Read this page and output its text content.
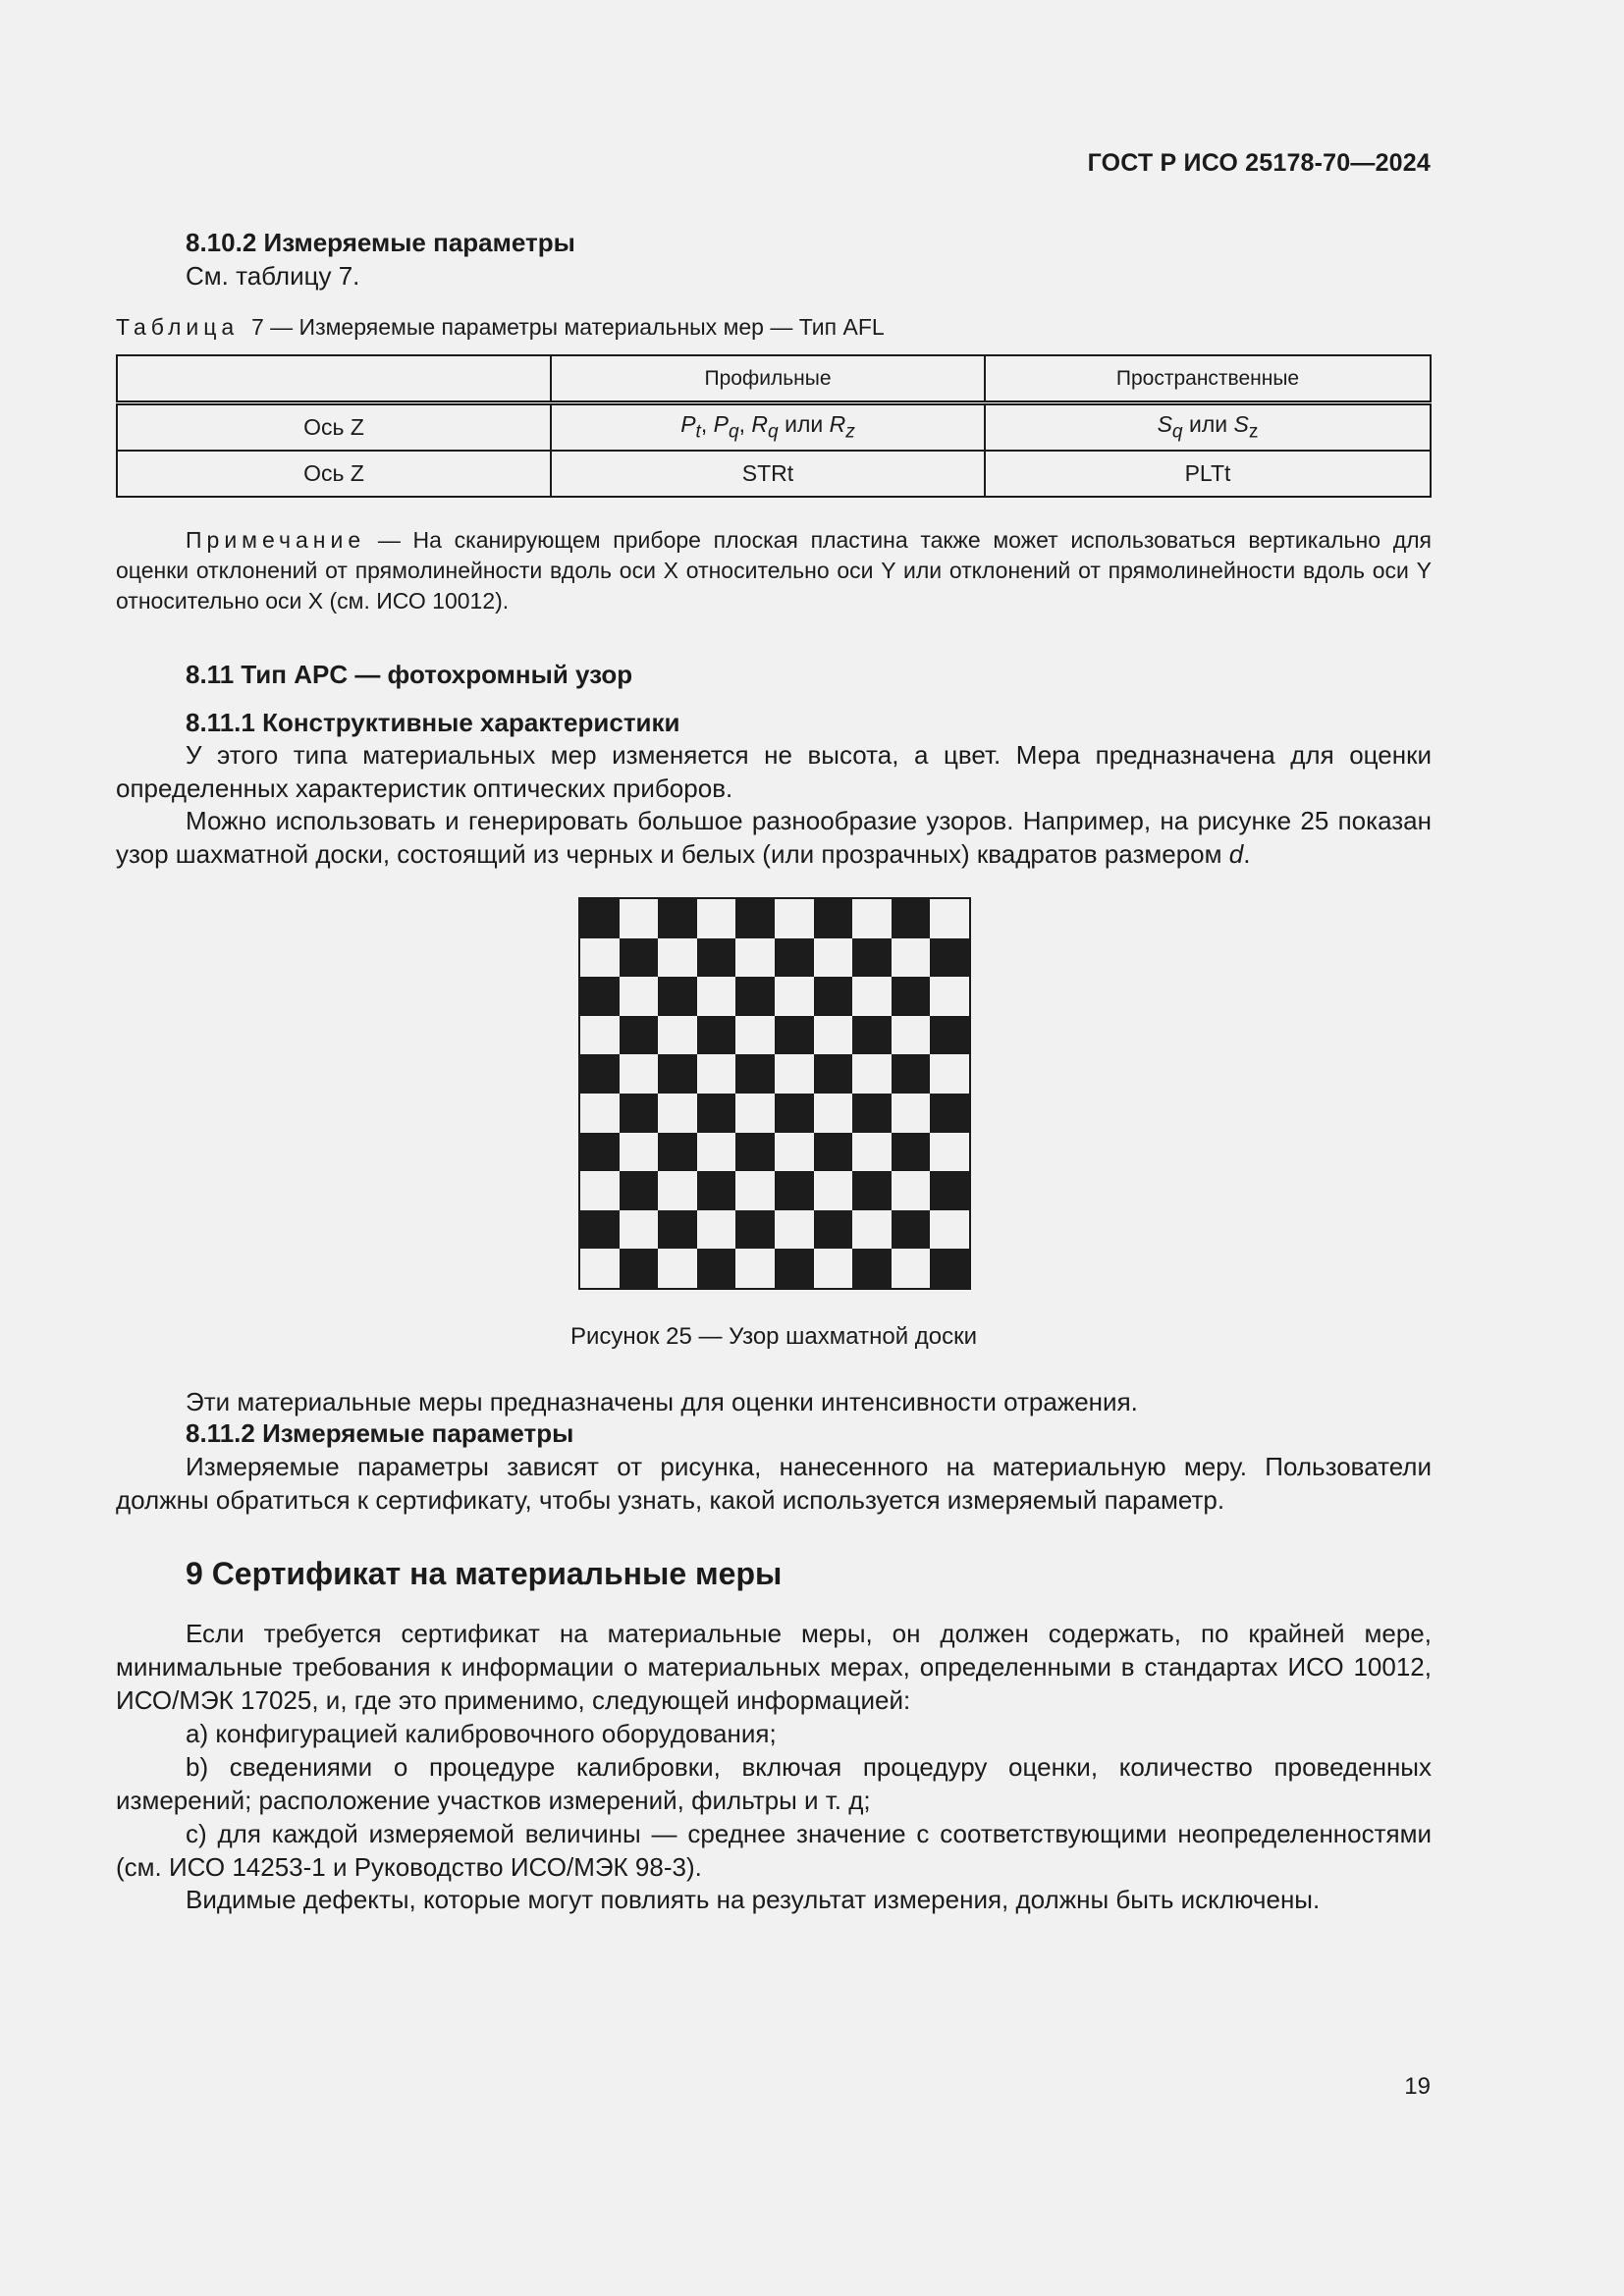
ГОСТ Р ИСО 25178-70—2024
8.10.2 Измеряемые параметры
См. таблицу 7.
Таблица 7 — Измеряемые параметры материальных мер — Тип AFL
	Профильные	Пространственные
Ось Z	$P_t$, $P_q$, $R_q$ или $R_z$	$S_q$ или $S_z$
Ось Z	STRt	PLTt
Примечание — На сканирующем приборе плоская пластина также может использоваться вертикально для оценки отклонений от прямолинейности вдоль оси X относительно оси Y или отклонений от прямолинейности вдоль оси Y относительно оси X (см. ИСО 10012).
8.11 Тип APC — фотохромный узор
8.11.1 Конструктивные характеристики
У этого типа материальных мер изменяется не высота, а цвет. Мера предназначена для оценки определенных характеристик оптических приборов.
Можно использовать и генерировать большое разнообразие узоров. Например, на рисунке 25 показан узор шахматной доски, состоящий из черных и белых (или прозрачных) квадратов размером d.
Рисунок 25 — Узор шахматной доски
Эти материальные меры предназначены для оценки интенсивности отражения.
8.11.2 Измеряемые параметры
Измеряемые параметры зависят от рисунка, нанесенного на материальную меру. Пользователи должны обратиться к сертификату, чтобы узнать, какой используется измеряемый параметр.
9 Сертификат на материальные меры
Если требуется сертификат на материальные меры, он должен содержать, по крайней мере, минимальные требования к информации о материальных мерах, определенными в стандартах ИСО 10012, ИСО/МЭК 17025, и, где это применимо, следующей информацией:
a) конфигурацией калибровочного оборудования;
b) сведениями о процедуре калибровки, включая процедуру оценки, количество проведенных измерений; расположение участков измерений, фильтры и т. д;
c) для каждой измеряемой величины — среднее значение с соответствующими неопределенностями (см. ИСО 14253-1 и Руководство ИСО/МЭК 98-3).
Видимые дефекты, которые могут повлиять на результат измерения, должны быть исключены.
19
